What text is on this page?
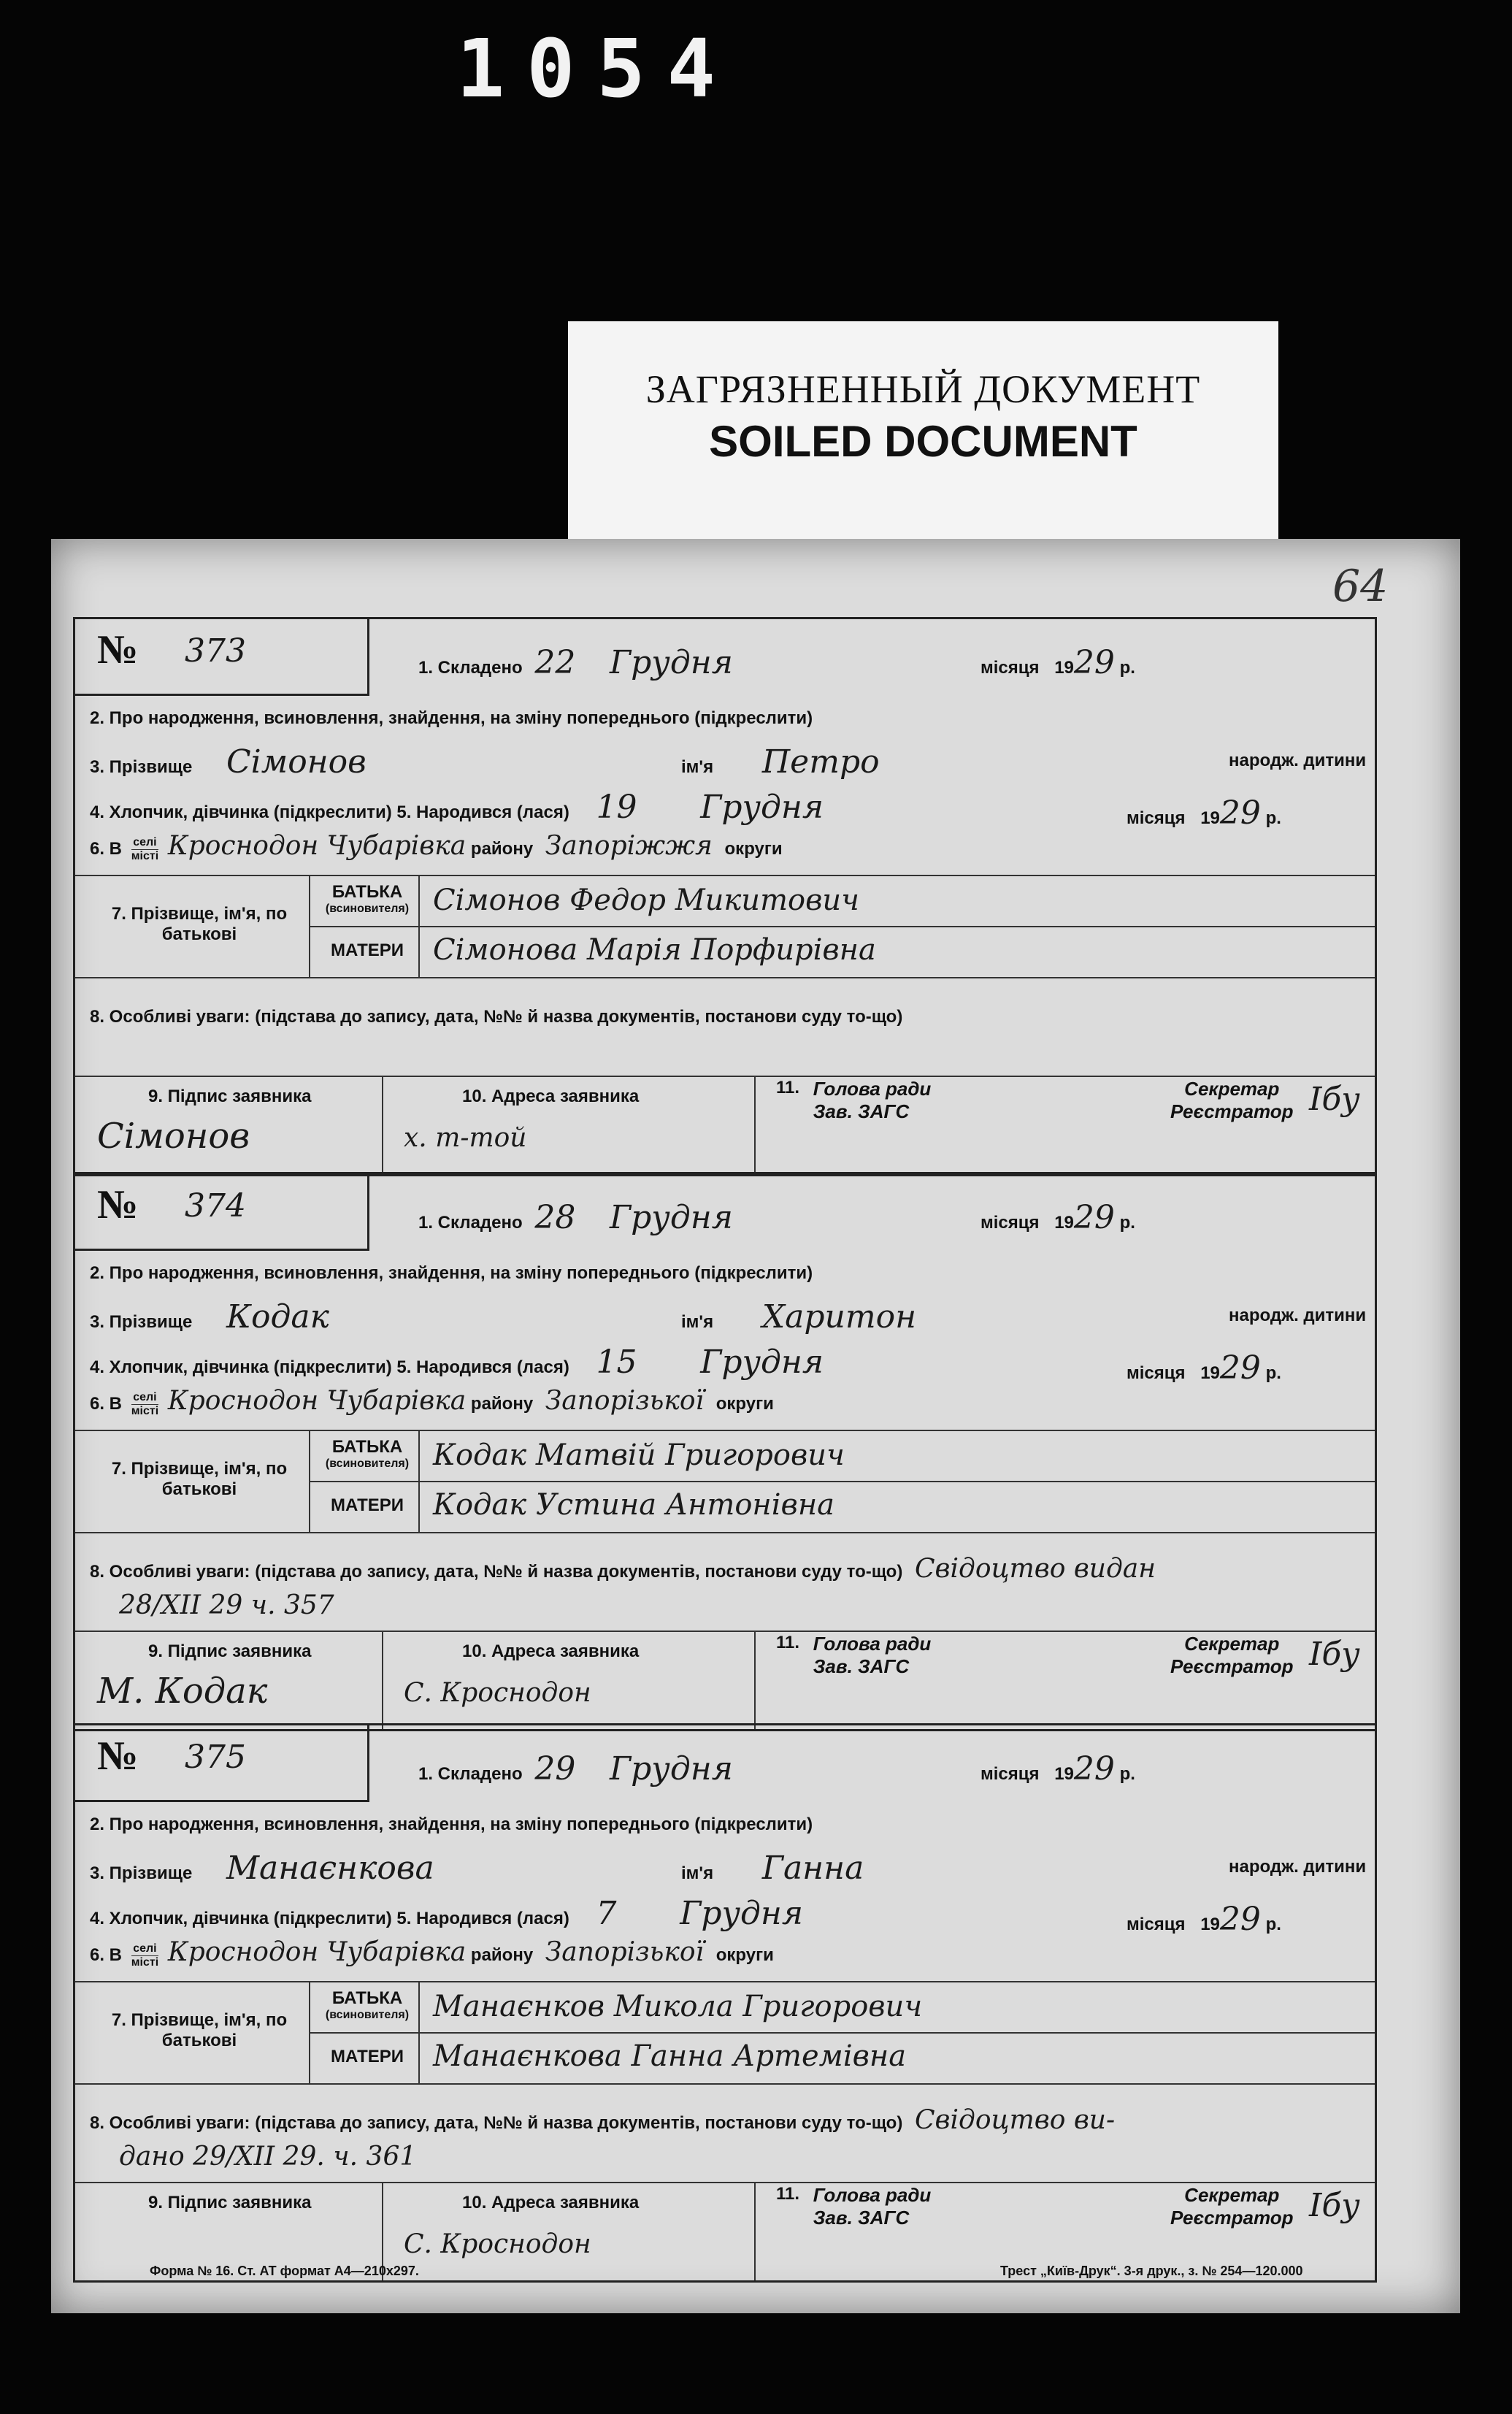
1054
ЗАГРЯЗНЕННЫЙ ДОКУМЕНТ
SOILED DOCUMENT
64
№ 373	1. Складено 22 Грудня	місяця 1929 р.
2. Про народження, всиновлення, знайдення, на зміну попереднього (підкреслити)
3. Прізвище Сімонов	ім'я Петро	народж. дитини
4. Хлопчик, дівчинка (підкреслити) 5. Народився (лася) 19 Грудня	місяця 1929 р.
6. В селі
місті Кроснодон Чубарівка району Запоріжжя округи
7. Прізвище, ім'я, по батькові
БАТЬКА
(всиновителя) Сімонов Федор Микитович
МАТЕРИ Сімонова Марія Порфирівна
8. Особливі уваги: (підстава до запису, дата, №№ й назва документів, постанови суду то-що)
9. Підпис заявника
Сімонов
10. Адреса заявника
х. т-той
11. Голова ради
Зав. ЗАГС
Секретар
Реєстратор Ібу
№ 374	1. Складено 28 Грудня	місяця 1929 р.
2. Про народження, всиновлення, знайдення, на зміну попереднього (підкреслити)
3. Прізвище Кодак	ім'я Харитон	народж. дитини
4. Хлопчик, дівчинка (підкреслити) 5. Народився (лася) 15 Грудня	місяця 1929 р.
6. В селі
місті Кроснодон Чубарівка району Запорізької округи
7. Прізвище, ім'я, по батькові
БАТЬКА
(всиновителя) Кодак Матвій Григорович
МАТЕРИ Кодак Устина Антонівна
8. Особливі уваги: (підстава до запису, дата, №№ й назва документів, постанови суду то-що) Свідоцтво видан
28/XII 29 ч. 357
9. Підпис заявника
М. Кодак
10. Адреса заявника
С. Кроснодон
11. Голова ради
Зав. ЗАГС
Секретар
Реєстратор Ібу
№ 375	1. Складено 29 Грудня	місяця 1929 р.
2. Про народження, всиновлення, знайдення, на зміну попереднього (підкреслити)
3. Прізвище Манаєнкова	ім'я Ганна	народж. дитини
4. Хлопчик, дівчинка (підкреслити) 5. Народився (лася) 7 Грудня	місяця 1929 р.
6. В селі
місті Кроснодон Чубарівка району Запорізької округи
7. Прізвище, ім'я, по батькові
БАТЬКА
(всиновителя) Манаєнков Микола Григорович
МАТЕРИ Манаєнкова Ганна Артемівна
8. Особливі уваги: (підстава до запису, дата, №№ й назва документів, постанови суду то-що) Свідоцтво ви-
дано 29/XII 29. ч. 361
9. Підпис заявника	10. Адреса заявника
С. Кроснодон
11. Голова ради
Зав. ЗАГС
Секретар
Реєстратор Ібу
Форма № 16. Ст. АТ формат А4—210х297.	Трест „Київ-Друк“. 3-я друк., з. № 254—120.000
